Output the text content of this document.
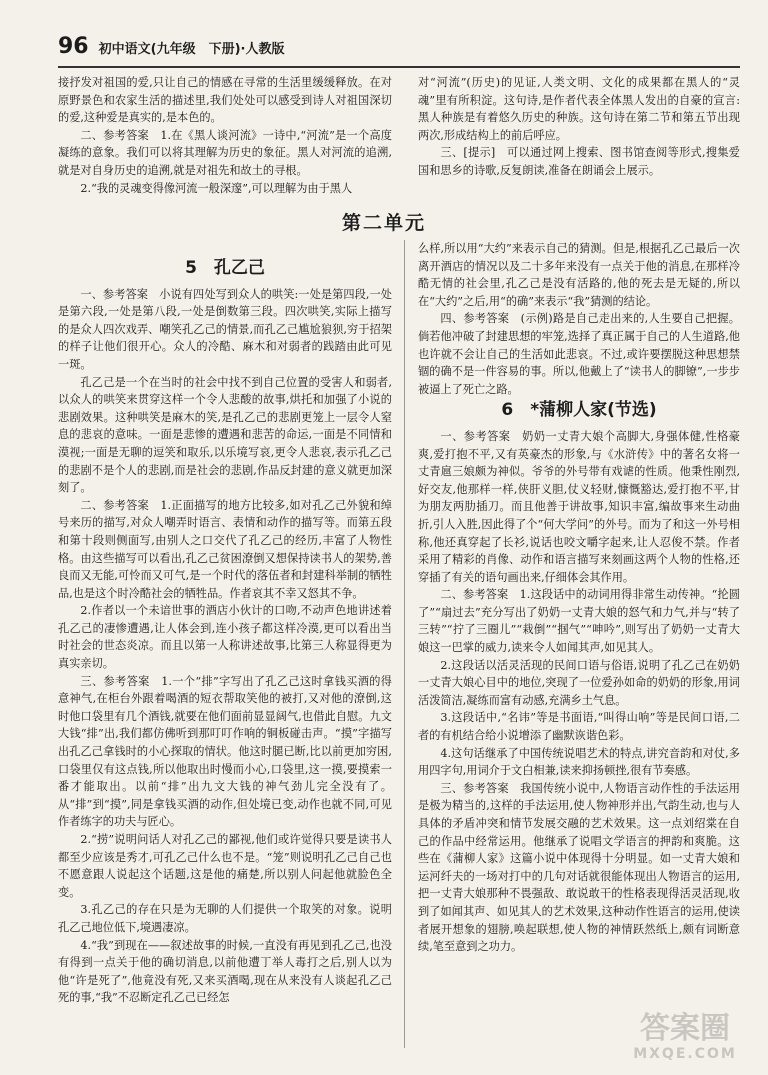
96 初中语文(九年级　下册)·人教版

接抒发对祖国的爱,只让自己的情感在寻常的生活里缓缓释放。在对原野景色和农家生活的描述里,我们处处可以感受到诗人对祖国深切的爱,这种爱是真实的,是本色的。

二、参考答案　1.在《黑人谈河流》一诗中,“河流”是一个高度凝练的意象。我们可以将其理解为历史的象征。黑人对河流的追溯,就是对自身历史的追溯,就是对祖先和故土的寻根。

2.“我的灵魂变得像河流一般深邃”,可以理解为由于黑人

对“河流”(历史)的见证,人类文明、文化的成果都在黑人的“灵魂”里有所积淀。这句诗,是作者代表全体黑人发出的自豪的宣言:黑人种族是有着悠久历史的种族。这句诗在第二节和第五节出现两次,形成结构上的前后呼应。

三、[提示]　可以通过网上搜索、图书馆查阅等形式,搜集爱国和思乡的诗歌,反复朗读,准备在朗诵会上展示。

第二单元
5　孔乙己

一、参考答案　小说有四处写到众人的哄笑:一处是第四段,一处是第六段,一处是第八段,一处是倒数第三段。四次哄笑,实际上描写的是众人四次戏弄、嘲笑孔乙己的情景,而孔乙己尴尬狼狈,穷于招架的样子让他们很开心。众人的冷酷、麻木和对弱者的践踏由此可见一斑。

孔乙己是一个在当时的社会中找不到自己位置的受害人和弱者,以众人的哄笑来贯穿这样一个令人悲酸的故事,烘托和加强了小说的悲剧效果。这种哄笑是麻木的笑,是孔乙己的悲剧更笼上一层令人窒息的悲哀的意味。一面是悲惨的遭遇和悲苦的命运,一面是不同情和漠视;一面是无聊的逗笑和取乐,以乐境写哀,更令人悲哀,表示孔乙己的悲剧不是个人的悲剧,而是社会的悲剧,作品反封建的意义就更加深刻了。

二、参考答案　1.正面描写的地方比较多,如对孔乙己外貌和绰号来历的描写,对众人嘲弄时语言、表情和动作的描写等。而第五段和第十段则侧面写,由别人之口交代了孔乙己的经历,丰富了人物性格。由这些描写可以看出,孔乙己贫困潦倒又想保持读书人的架势,善良而又无能,可怜而又可气,是一个时代的落伍者和封建科举制的牺牲品,也是这个时冷酷社会的牺牲品。作者哀其不幸又怒其不争。

2.作者以一个未谙世事的酒店小伙计的口吻,不动声色地讲述着孔乙己的凄惨遭遇,让人体会到,连小孩子都这样冷漠,更可以看出当时社会的世态炎凉。而且以第一人称讲述故事,比第三人称显得更为真实亲切。

三、参考答案　1.一个“排”字写出了孔乙己这时拿钱买酒的得意神气,在柜台外跟着喝酒的短衣帮取笑他的被打,又对他的潦倒,这时他口袋里有几个酒钱,就要在他们面前显显阔气,也借此自慰。九文大钱“排”出,我们都仿佛听到那叮叮作响的铜板碰击声。“摸”字描写出孔乙己拿钱时的小心探取的情状。他这时腿已断,比以前更加穷困,口袋里仅有这点钱,所以他取出时慢而小心,口袋里,这一摸,要摸索一番才能取出。以前“排”出九文大钱的神气劲儿完全没有了。从“排”到“摸”,同是拿钱买酒的动作,但处境已变,动作也就不同,可见作者练字的功夫与匠心。

2.“捞”说明问话人对孔乙己的鄙视,他们或许觉得只要是读书人都至少应该是秀才,可孔乙己什么也不是。“笼”则说明孔乙己自己也不愿意跟人说起这个话题,这是他的痛楚,所以别人问起他就脸色全变。

3.孔乙己的存在只是为无聊的人们提供一个取笑的对象。说明孔乙己地位低下,境遇凄凉。

4.“我”到现在——叙述故事的时候,一直没有再见到孔乙己,也没有得到一点关于他的确切消息,以前他遭丁举人毒打之后,别人以为他“许是死了”,他竟没有死,又来买酒喝,现在从来没有人谈起孔乙己死的事,“我”不忍断定孔乙己已经怎

么样,所以用“大约”来表示自己的猜测。但是,根据孔乙己最后一次离开酒店的情况以及二十多年来没有一点关于他的消息,在那样冷酷无情的社会里,孔乙己是没有活路的,他的死去是无疑的,所以在“大约”之后,用“的确”来表示“我”猜测的结论。

四、参考答案　(示例)路是自己走出来的,人生要自己把握。倘若他冲破了封建思想的牢笼,选择了真正属于自己的人生道路,他也许就不会让自己的生活如此悲哀。不过,或许要摆脱这种思想禁锢的确不是一件容易的事。所以,他戴上了“读书人的脚镣”,一步步被逼上了死亡之路。

6　*蒲柳人家(节选)

一、参考答案　奶奶一丈青大娘个高脚大,身强体健,性格豪爽,爱打抱不平,又有英豪杰的形象,与《水浒传》中的著名女将一丈青扈三娘颇为神似。爷爷的外号带有戏谑的性质。他秉性刚烈,好交友,他那样一样,侠肝义胆,仗义轻财,慷慨豁达,爱打抱不平,甘为朋友两肋插刀。而且他善于讲故事,知识丰富,编故事来生动曲折,引人入胜,因此得了个“何大学问”的外号。而为了和这一外号相称,他还真穿起了长衫,说话也咬文嚼字起来,让人忍俊不禁。作者采用了精彩的肖像、动作和语言描写来刻画这两个人物的性格,还穿插了有关的语句画出来,仔细体会其作用。

二、参考答案　1.这段话中的动词用得非常生动传神。“抡圆了”“扇过去”充分写出了奶奶一丈青大娘的怒气和力气,并与“转了三转”“拧了三圈儿”“栽倒”“掴气”“呻吟”,则写出了奶奶一丈青大娘这一巴掌的威力,读来令人如闻其声,如见其人。

2.这段话以活灵活现的民间口语与俗语,说明了孔乙己在奶奶一丈青大娘心目中的地位,突现了一位爱孙如命的奶奶的形象,用词活泼简洁,凝练而富有动感,充满乡土气息。

3.这段话中,“名讳”等是书面语,“叫得山响”等是民间口语,二者的有机结合给小说增添了幽默诙谐色彩。

4.这句话继承了中国传统说唱艺术的特点,讲究音韵和对仗,多用四字句,用词介于文白相兼,读来抑扬顿挫,很有节奏感。

三、参考答案　我国传统小说中,人物语言动作性的手法运用是极为精当的,这样的手法运用,使人物神形并出,气韵生动,也与人具体的矛盾冲突和情节发展交融的艺术效果。这一点刘绍棠在自己的作品中经常运用。他继承了说唱文学语言的押韵和爽脆。这些在《蒲柳人家》这篇小说中体现得十分明显。如一丈青大娘和运河纤夫的一场对打中的几句对话就很能体现出人物语言的运用,把一丈青大娘那种不畏强敌、敢说敢干的性格表现得活灵活现,收到了如闻其声、如见其人的艺术效果,这种动作性语言的运用,使读者展开想象的翅膀,唤起联想,使人物的神情跃然纸上,颇有词断意续,笔至意到之功力。

答案圈
MXQE.COM
